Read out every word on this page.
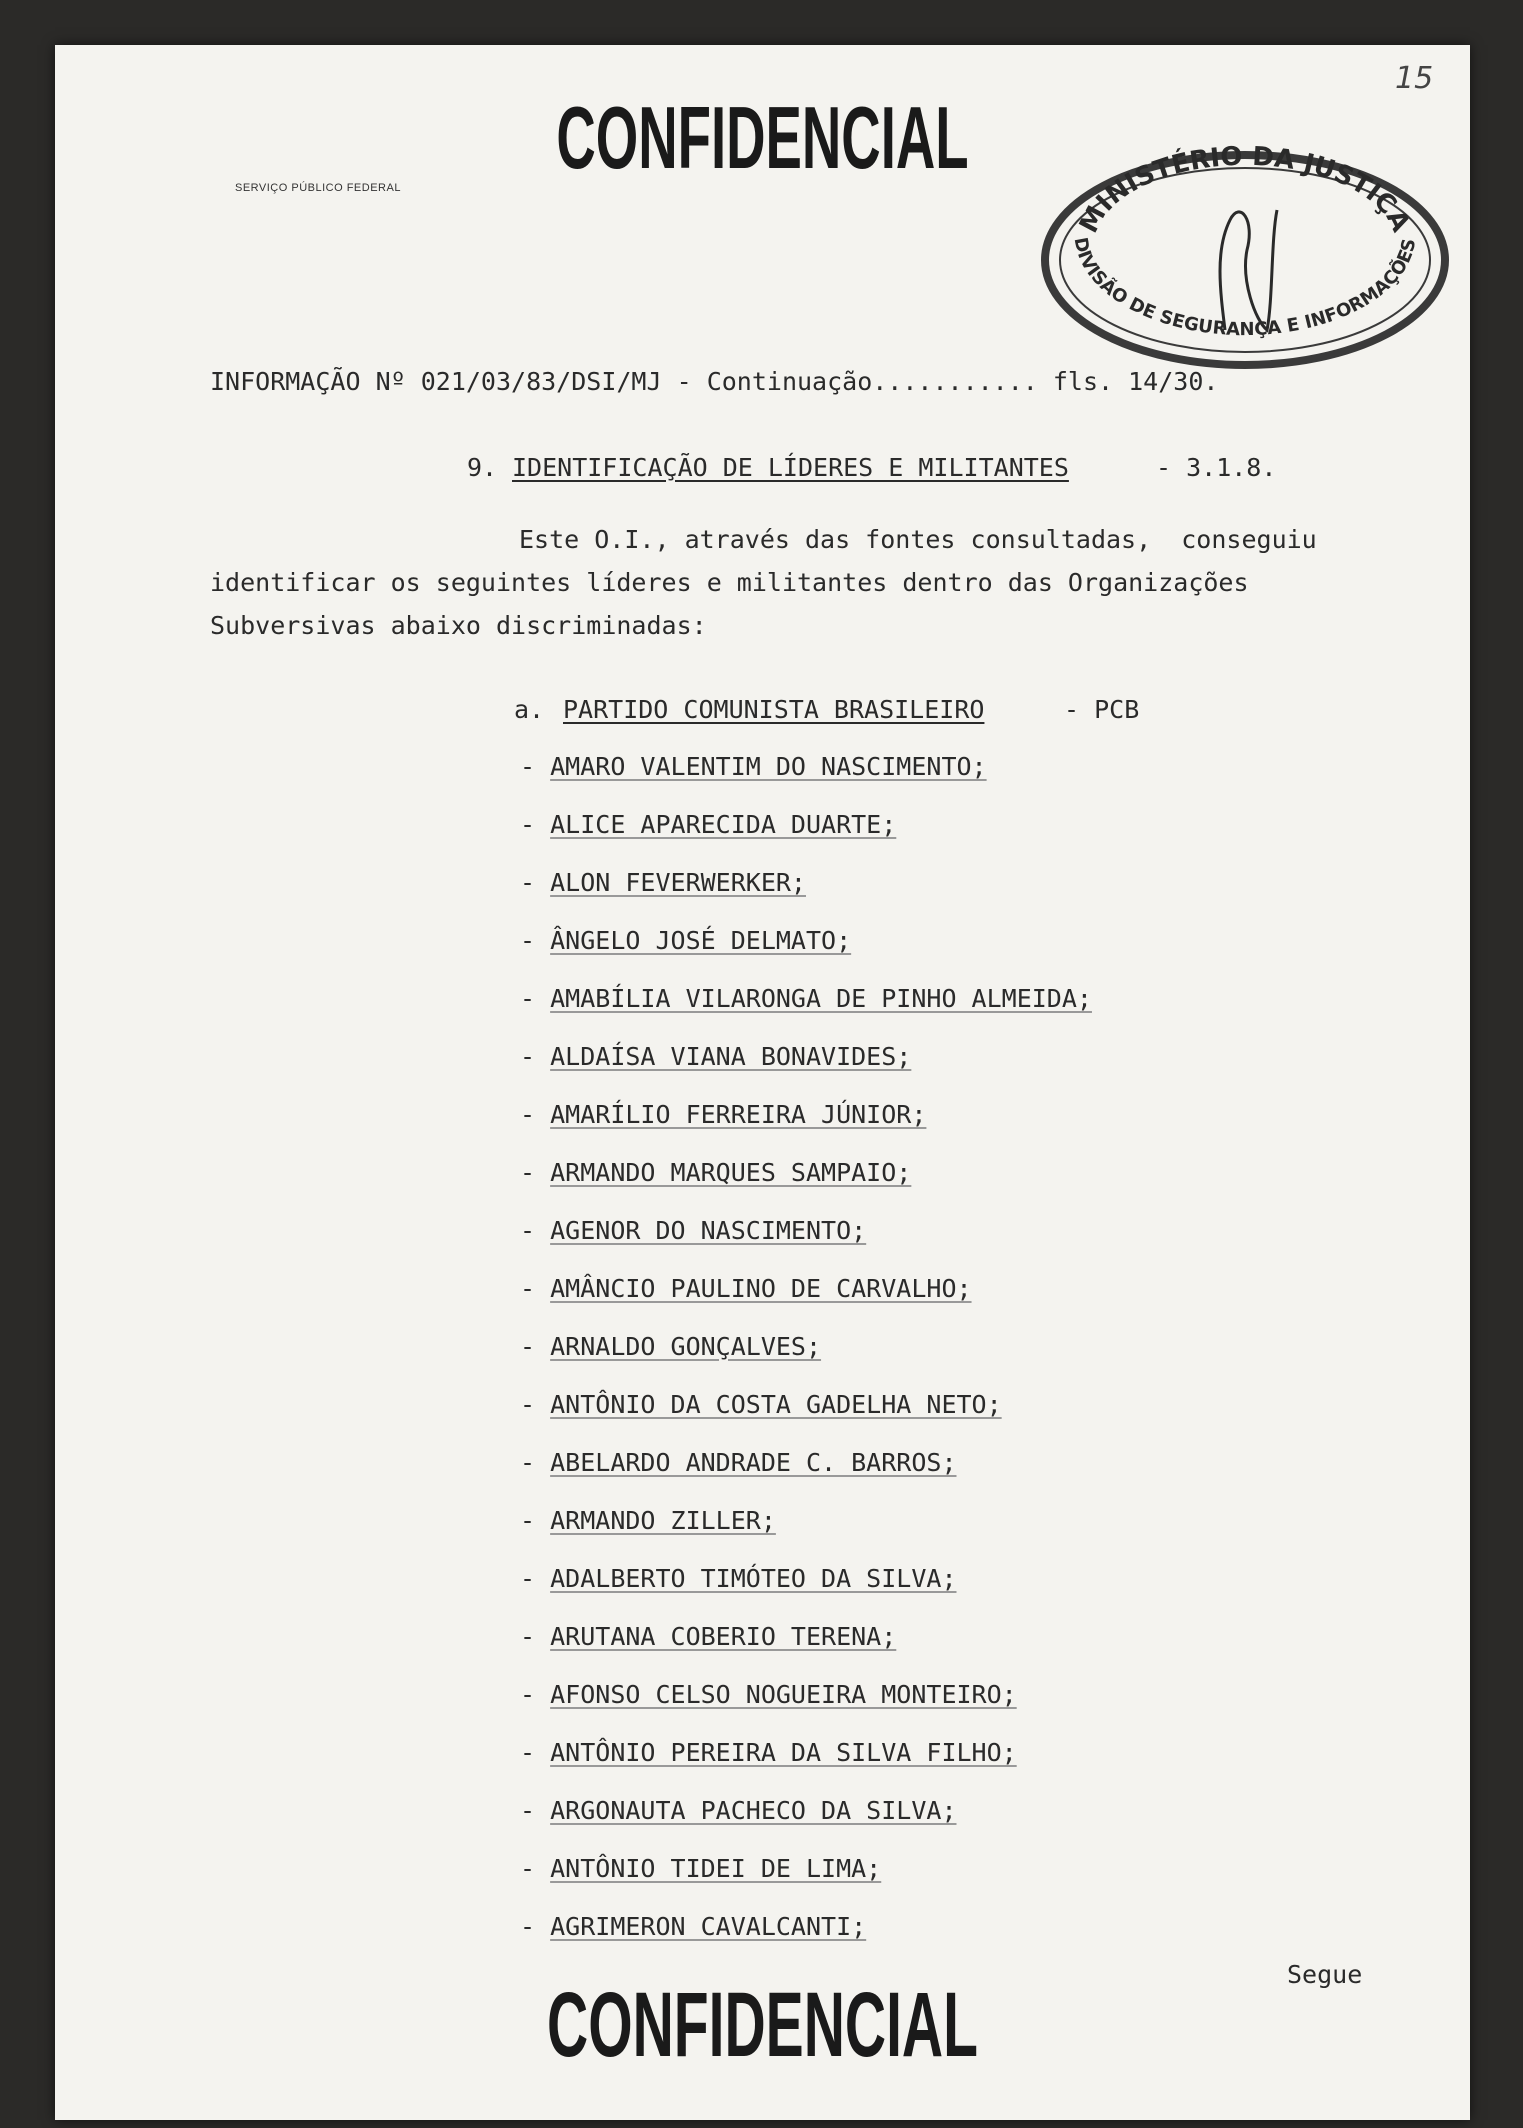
CONFIDENCIAL
SERVIÇO PÚBLICO FEDERAL
15
MINISTÉRIO DA JUSTIÇA
DIVISÃO DE SEGURANÇA E INFORMAÇÕES
INFORMAÇÃO Nº 021/03/83/DSI/MJ - Continuação........... fls. 14/30.
9. IDENTIFICAÇÃO DE LÍDERES E MILITANTES	- 3.1.8.
Este O.I., através das fontes consultadas,  conseguiu
identificar os seguintes líderes e militantes dentro das Organizações
Subversivas abaixo discriminadas:
a. PARTIDO COMUNISTA BRASILEIRO	- PCB
- AMARO VALENTIM DO NASCIMENTO;
- ALICE APARECIDA DUARTE;
- ALON FEVERWERKER;
- ÂNGELO JOSÉ DELMATO;
- AMABÍLIA VILARONGA DE PINHO ALMEIDA;
- ALDAÍSA VIANA BONAVIDES;
- AMARÍLIO FERREIRA JÚNIOR;
- ARMANDO MARQUES SAMPAIO;
- AGENOR DO NASCIMENTO;
- AMÂNCIO PAULINO DE CARVALHO;
- ARNALDO GONÇALVES;
- ANTÔNIO DA COSTA GADELHA NETO;
- ABELARDO ANDRADE C. BARROS;
- ARMANDO ZILLER;
- ADALBERTO TIMÓTEO DA SILVA;
- ARUTANA COBERIO TERENA;
- AFONSO CELSO NOGUEIRA MONTEIRO;
- ANTÔNIO PEREIRA DA SILVA FILHO;
- ARGONAUTA PACHECO DA SILVA;
- ANTÔNIO TIDEI DE LIMA;
- AGRIMERON CAVALCANTI;
Segue
CONFIDENCIAL
